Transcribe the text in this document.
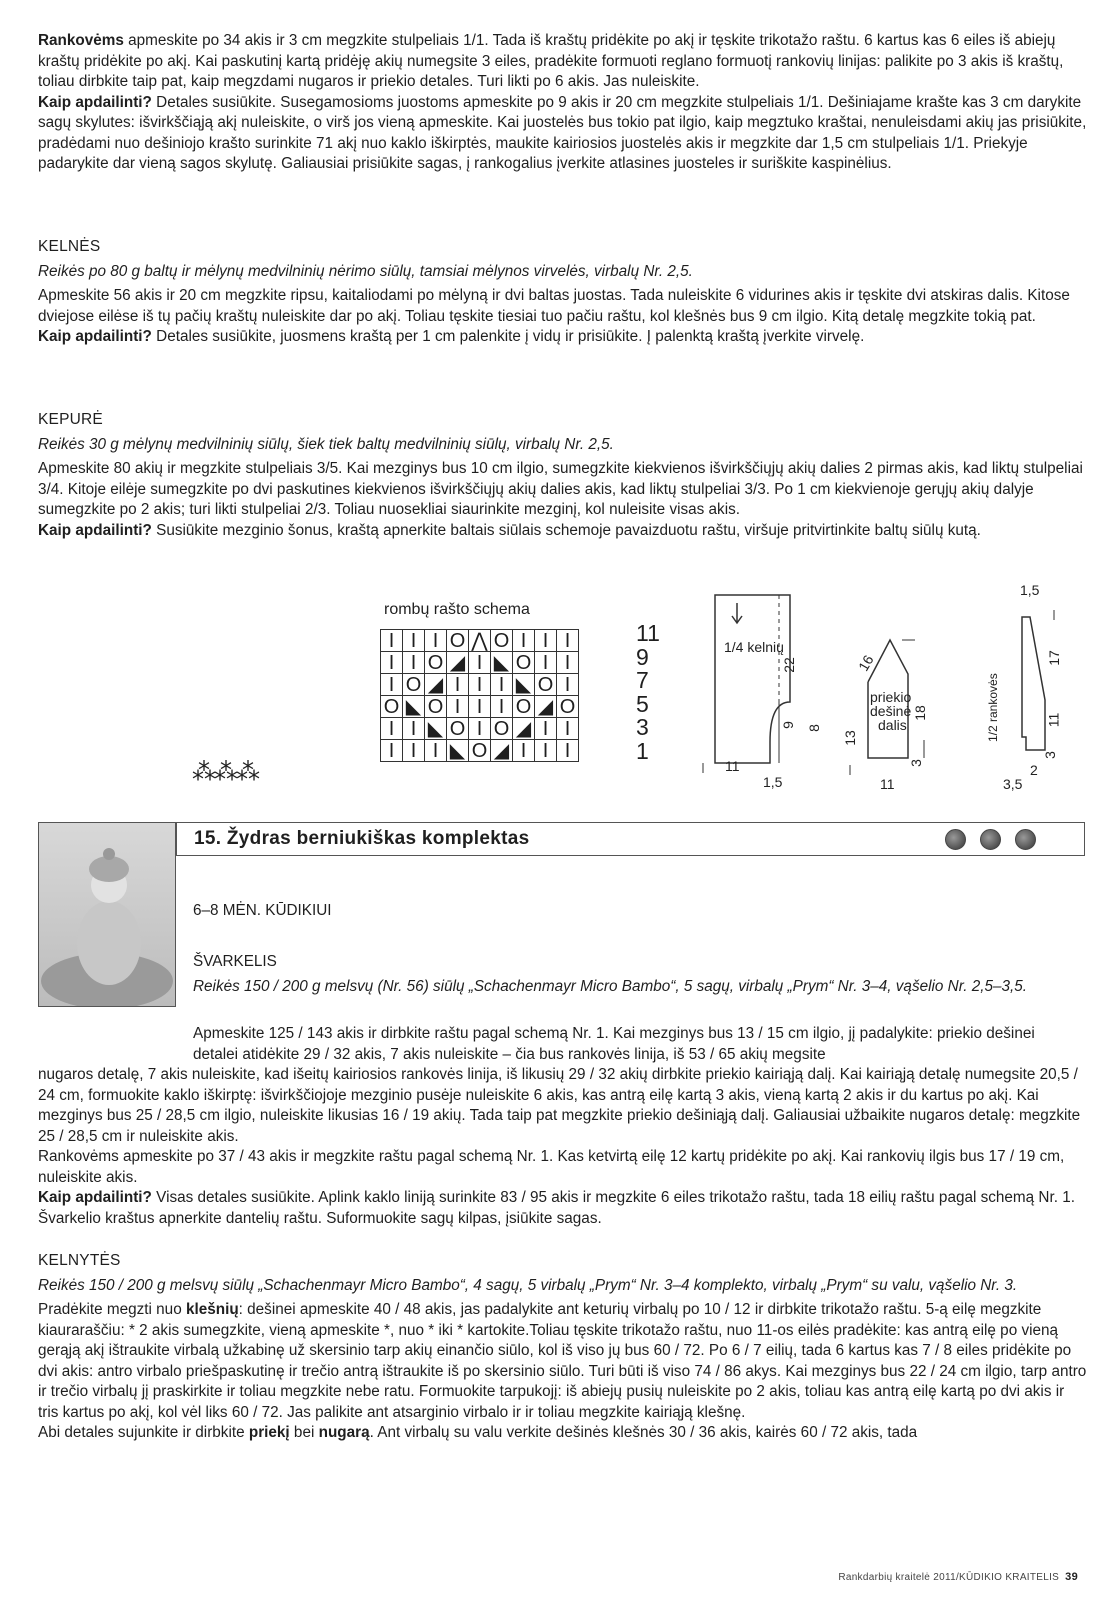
Rankovėms apmeskite po 34 akis ir 3 cm megzkite stulpeliais 1/1. Tada iš kraštų pridėkite po akį ir tęskite trikotažo raštu. 6 kartus kas 6 eiles iš abiejų kraštų pridėkite po akį. Kai paskutinį kartą pridėję akių numegsite 3 eiles, pradėkite formuoti reglano formuotį rankovių linijas: palikite po 3 akis iš kraštų, toliau dirbkite taip pat, kaip megzdami nugaros ir priekio detales. Turi likti po 6 akis. Jas nuleiskite.

Kaip apdailinti? Detales susiūkite. Susegamosioms juostoms apmeskite po 9 akis ir 20 cm megzkite stulpeliais 1/1. Dešiniajame krašte kas 3 cm darykite sagų skylutes: išvirkščiąją akį nuleiskite, o virš jos vieną apmeskite. Kai juostelės bus tokio pat ilgio, kaip megztuko kraštai, nenuleisdami akių jas prisiūkite, pradėdami nuo dešiniojo krašto surinkite 71 akį nuo kaklo iškirptės, maukite kairiosios juostelės akis ir megzkite dar 1,5 cm stulpeliais 1/1. Priekyje padarykite dar vieną sagos skylutę. Galiausiai prisiūkite sagas, į rankogalius įverkite atlasines juosteles ir suriškite kaspinėlius.

KELNĖS

Reikės po 80 g baltų ir mėlynų medvilninių nėrimo siūlų, tamsiai mėlynos virvelės, virbalų Nr. 2,5.

Apmeskite 56 akis ir 20 cm megzkite ripsu, kaitaliodami po mėlyną ir dvi baltas juostas. Tada nuleiskite 6 vidurines akis ir tęskite dvi atskiras dalis. Kitose dviejose eilėse iš tų pačių kraštų nuleiskite dar po akį. Toliau tęskite tiesiai tuo pačiu raštu, kol klešnės bus 9 cm ilgio. Kitą detalę megzkite tokią pat.

Kaip apdailinti? Detales susiūkite, juosmens kraštą per 1 cm palenkite į vidų ir prisiūkite. Į palenktą kraštą įverkite virvelę.

KEPURĖ

Reikės 30 g mėlynų medvilninių siūlų, šiek tiek baltų medvilninių siūlų, virbalų Nr. 2,5.

Apmeskite 80 akių ir megzkite stulpeliais 3/5. Kai mezginys bus 10 cm ilgio, sumegzkite kiekvienos išvirkščiųjų akių dalies 2 pirmas akis, kad liktų stulpeliai 3/4. Kitoje eilėje sumegzkite po dvi paskutines kiekvienos išvirkščiųjų akių dalies akis, kad liktų stulpeliai 3/3. Po 1 cm kiekvienoje gerųjų akių dalyje sumegzkite po 2 akis; turi likti stulpeliai 2/3. Toliau nuosekliai siaurinkite mezginį, kol nuleisite visas akis.

Kaip apdailinti? Susiūkite mezginio šonus, kraštą apnerkite baltais siūlais schemoje pavaizduotu raštu, viršuje pritvirtinkite baltų siūlų kutą.

rombų rašto schema
I	I	I	O	⋀	O	I	I	I
I	I	O	◢	I	◣	O	I	I
I	O	◢	I	I	I	◣	O	I
O	◣	O	I	I	I	O	◢	O
I	I	◣	O	I	O	◢	I	I
I	I	I	◣	O	◢	I	I	I
11
9
7
5
3
1
⁂⁂⁂
1/4 kelnių
22
9
11
1,5
8
priekio
dešinė
dalis
16
18
13
3
11
1,5
1/2 rankovės
17
11
3
2
3,5
15. Žydras berniukiškas komplektas
6–8 MĖN. KŪDIKIUI
ŠVARKELIS
Reikės 150 / 200 g melsvų (Nr. 56) siūlų „Schachenmayr Micro Bambo“, 5 sagų, virbalų „Prym“ Nr. 3–4, vąšelio Nr. 2,5–3,5.
Apmeskite 125 / 143 akis ir dirbkite raštu pagal schemą Nr. 1. Kai mezginys bus 13 / 15 cm ilgio, jį padalykite: priekio dešinei detalei atidėkite 29 / 32 akis, 7 akis nuleiskite – čia bus rankovės linija, iš 53 / 65 akių megsite

nugaros detalę, 7 akis nuleiskite, kad išeitų kairiosios rankovės linija, iš likusių 29 / 32 akių dirbkite priekio kairiąją dalį. Kai kairiąją detalę numegsite 20,5 / 24 cm, formuokite kaklo iškirptę: išvirkščiojoje mezginio pusėje nuleiskite 6 akis, kas antrą eilę kartą 3 akis, vieną kartą 2 akis ir du kartus po akį. Kai mezginys bus 25 / 28,5 cm ilgio, nuleiskite likusias 16 / 19 akių. Tada taip pat megzkite priekio dešiniąją dalį. Galiausiai užbaikite nugaros detalę: megzkite 25 / 28,5 cm ir nuleiskite akis.

Rankovėms apmeskite po 37 / 43 akis ir megzkite raštu pagal schemą Nr. 1. Kas ketvirtą eilę 12 kartų pridėkite po akį. Kai rankovių ilgis bus 17 / 19 cm, nuleiskite akis.

Kaip apdailinti? Visas detales susiūkite. Aplink kaklo liniją surinkite 83 / 95 akis ir megzkite 6 eiles trikotažo raštu, tada 18 eilių raštu pagal schemą Nr. 1. Švarkelio kraštus apnerkite dantelių raštu. Suformuokite sagų kilpas, įsiūkite sagas.

KELNYTĖS

Reikės 150 / 200 g melsvų siūlų „Schachenmayr Micro Bambo“, 4 sagų, 5 virbalų „Prym“ Nr. 3–4 komplekto, virbalų „Prym“ su valu, vąšelio Nr. 3.

Pradėkite megzti nuo klešnių: dešinei apmeskite 40 / 48 akis, jas padalykite ant keturių virbalų po 10 / 12 ir dirbkite trikotažo raštu. 5-ą eilę megzkite kiauraraščiu: * 2 akis sumegzkite, vieną apmeskite *, nuo * iki * kartokite.Toliau tęskite trikotažo raštu, nuo 11-os eilės pradėkite: kas antrą eilę po vieną gerąją akį ištraukite virbalą užkabinę už skersinio tarp akių einančio siūlo, kol iš viso jų bus 60 / 72. Po 6 / 7 eilių, tada 6 kartus kas 7 / 8 eiles pridėkite po dvi akis: antro virbalo priešpaskutinę ir trečio antrą ištraukite iš po skersinio siūlo. Turi būti iš viso 74 / 86 akys. Kai mezginys bus 22 / 24 cm ilgio, tarp antro ir trečio virbalų jį praskirkite ir toliau megzkite nebe ratu. Formuokite tarpukojį: iš abiejų pusių nuleiskite po 2 akis, toliau kas antrą eilę kartą po dvi akis ir tris kartus po akį, kol vėl liks 60 / 72. Jas palikite ant atsarginio virbalo ir ir toliau megzkite kairiąją klešnę.

Abi detales sujunkite ir dirbkite priekį bei nugarą. Ant virbalų su valu verkite dešinės klešnės 30 / 36 akis, kairės 60 / 72 akis, tada

Rankdarbių kraitelė 2011/KŪDIKIO KRAITELIS 39
